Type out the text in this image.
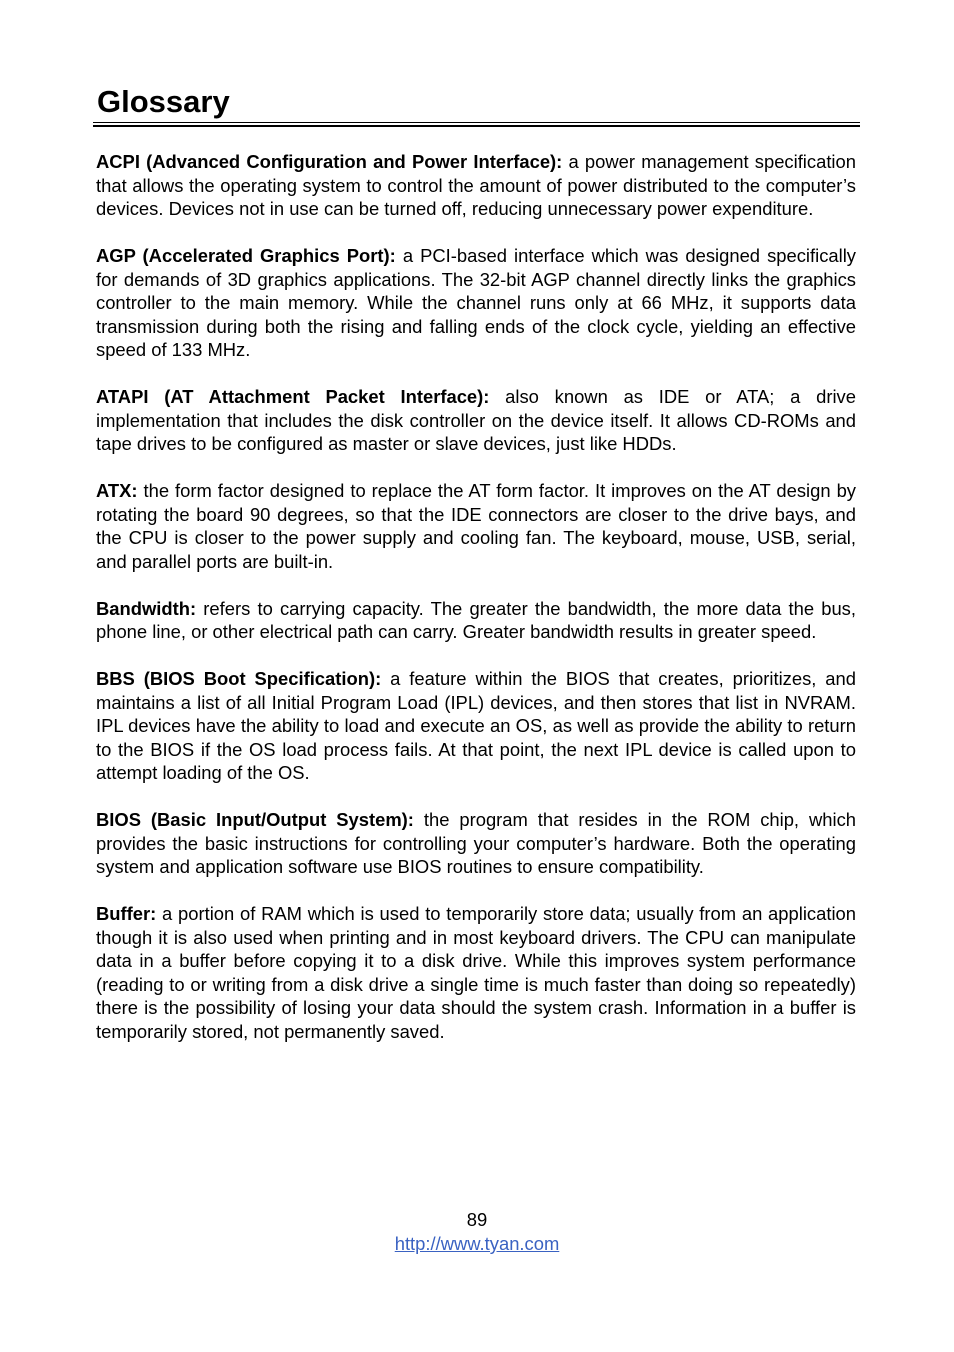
Glossary

ACPI (Advanced Configuration and Power Interface): a power management specification that allows the operating system to control the amount of power distributed to the computer’s devices. Devices not in use can be turned off, reducing unnecessary power expenditure.

AGP (Accelerated Graphics Port): a PCI-based interface which was designed specifically for demands of 3D graphics applications. The 32-bit AGP channel directly links the graphics controller to the main memory. While the channel runs only at 66 MHz, it supports data transmission during both the rising and falling ends of the clock cycle, yielding an effective speed of 133 MHz.

ATAPI (AT Attachment Packet Interface): also known as IDE or ATA; a drive implementation that includes the disk controller on the device itself. It allows CD-ROMs and tape drives to be configured as master or slave devices, just like HDDs.

ATX: the form factor designed to replace the AT form factor. It improves on the AT design by rotating the board 90 degrees, so that the IDE connectors are closer to the drive bays, and the CPU is closer to the power supply and cooling fan. The keyboard, mouse, USB, serial, and parallel ports are built-in.

Bandwidth: refers to carrying capacity. The greater the bandwidth, the more data the bus, phone line, or other electrical path can carry. Greater bandwidth results in greater speed.

BBS (BIOS Boot Specification): a feature within the BIOS that creates, prioritizes, and maintains a list of all Initial Program Load (IPL) devices, and then stores that list in NVRAM. IPL devices have the ability to load and execute an OS, as well as provide the ability to return to the BIOS if the OS load process fails. At that point, the next IPL device is called upon to attempt loading of the OS.

BIOS (Basic Input/Output System): the program that resides in the ROM chip, which provides the basic instructions for controlling your computer’s hardware. Both the operating system and application software use BIOS routines to ensure compatibility.

Buffer: a portion of RAM which is used to temporarily store data; usually from an application though it is also used when printing and in most keyboard drivers. The CPU can manipulate data in a buffer before copying it to a disk drive. While this improves system performance (reading to or writing from a disk drive a single time is much faster than doing so repeatedly) there is the possibility of losing your data should the system crash. Information in a buffer is temporarily stored, not permanently saved.

89
http://www.tyan.com
